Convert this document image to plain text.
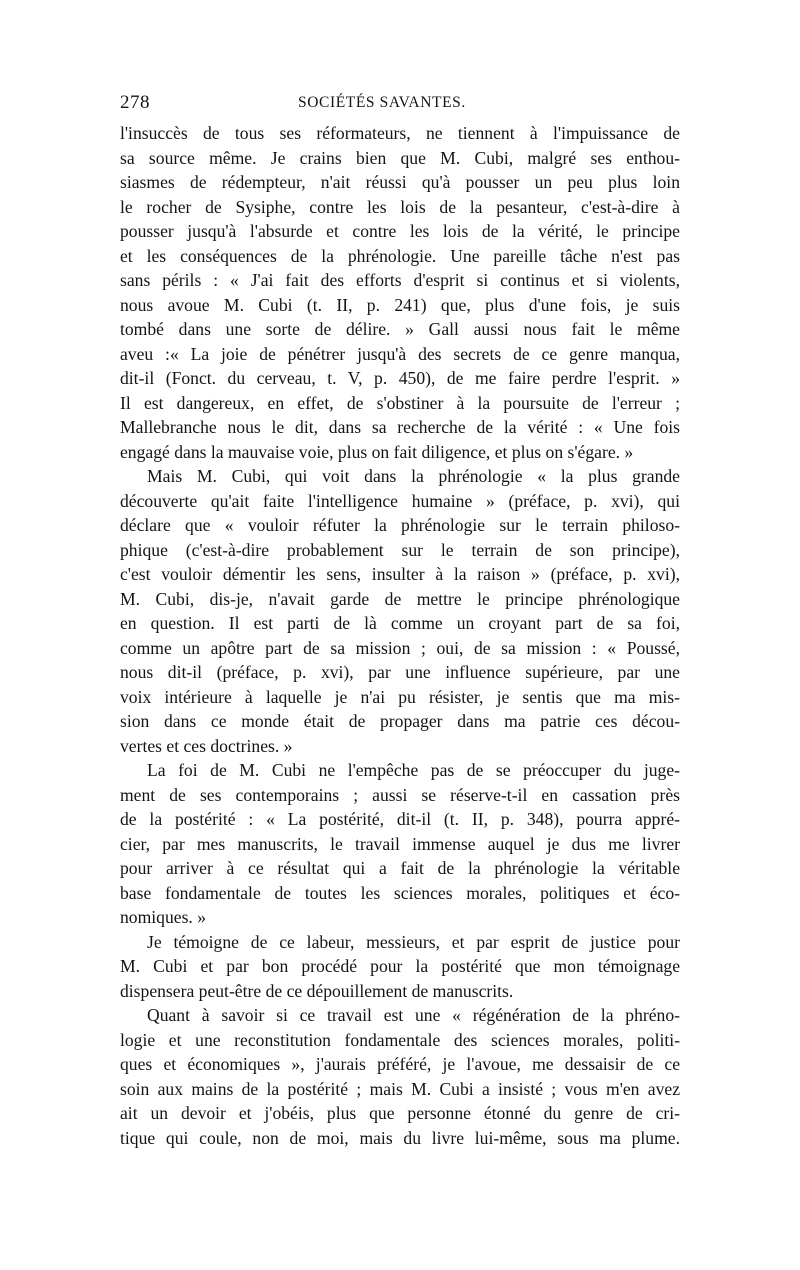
278	SOCIÉTÉS SAVANTES.
l'insuccès de tous ses réformateurs, ne tiennent à l'impuissance de
sa source même. Je crains bien que M. Cubi, malgré ses enthou-
siasmes de rédempteur, n'ait réussi qu'à pousser un peu plus loin
le rocher de Sysiphe, contre les lois de la pesanteur, c'est-à-dire à
pousser jusqu'à l'absurde et contre les lois de la vérité, le principe
et les conséquences de la phrénologie. Une pareille tâche n'est pas
sans périls : « J'ai fait des efforts d'esprit si continus et si violents,
nous avoue M. Cubi (t. II, p. 241) que, plus d'une fois, je suis
tombé dans une sorte de délire. » Gall aussi nous fait le même
aveu :« La joie de pénétrer jusqu'à des secrets de ce genre manqua,
dit-il (Fonct. du cerveau, t. V, p. 450), de me faire perdre l'esprit. »
Il est dangereux, en effet, de s'obstiner à la poursuite de l'erreur ;
Mallebranche nous le dit, dans sa recherche de la vérité : « Une fois
engagé dans la mauvaise voie, plus on fait diligence, et plus on s'égare. »
Mais M. Cubi, qui voit dans la phrénologie « la plus grande
découverte qu'ait faite l'intelligence humaine » (préface, p. xvi), qui
déclare que « vouloir réfuter la phrénologie sur le terrain philoso-
phique (c'est-à-dire probablement sur le terrain de son principe),
c'est vouloir démentir les sens, insulter à la raison » (préface, p. xvi),
M. Cubi, dis-je, n'avait garde de mettre le principe phrénologique
en question. Il est parti de là comme un croyant part de sa foi,
comme un apôtre part de sa mission ; oui, de sa mission : « Poussé,
nous dit-il (préface, p. xvi), par une influence supérieure, par une
voix intérieure à laquelle je n'ai pu résister, je sentis que ma mis-
sion dans ce monde était de propager dans ma patrie ces décou-
vertes et ces doctrines. »
La foi de M. Cubi ne l'empêche pas de se préoccuper du juge-
ment de ses contemporains ; aussi se réserve-t-il en cassation près
de la postérité : « La postérité, dit-il (t. II, p. 348), pourra appré-
cier, par mes manuscrits, le travail immense auquel je dus me livrer
pour arriver à ce résultat qui a fait de la phrénologie la véritable
base fondamentale de toutes les sciences morales, politiques et éco-
nomiques. »
Je témoigne de ce labeur, messieurs, et par esprit de justice pour
M. Cubi et par bon procédé pour la postérité que mon témoignage
dispensera peut-être de ce dépouillement de manuscrits.
Quant à savoir si ce travail est une « régénération de la phréno-
logie et une reconstitution fondamentale des sciences morales, politi-
ques et économiques », j'aurais préféré, je l'avoue, me dessaisir de ce
soin aux mains de la postérité ; mais M. Cubi a insisté ; vous m'en avez
ait un devoir et j'obéis, plus que personne étonné du genre de cri-
tique qui coule, non de moi, mais du livre lui-même, sous ma plume.
